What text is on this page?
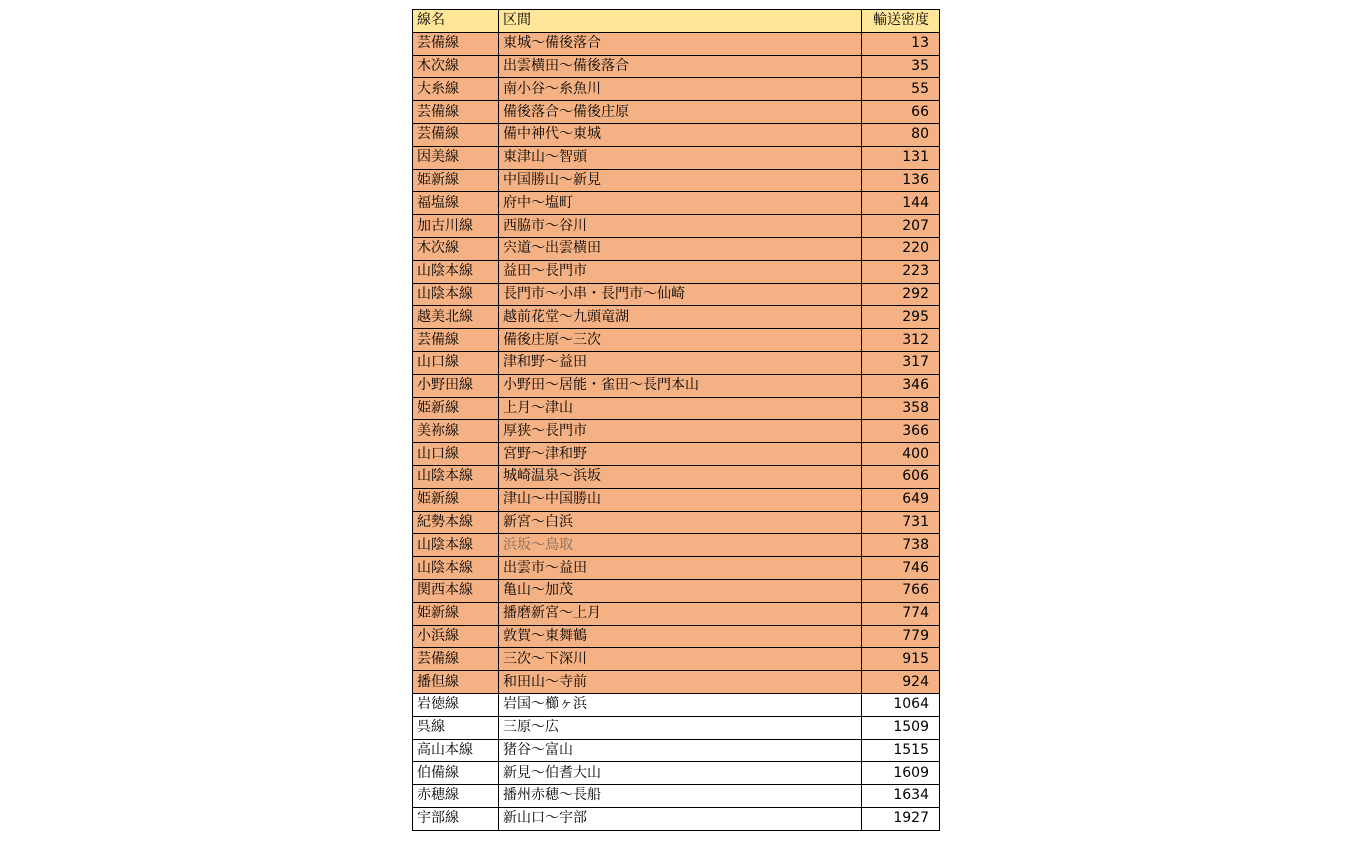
線名	区間	輸送密度
芸備線	東城～備後落合	13
木次線	出雲横田～備後落合	35
大糸線	南小谷～糸魚川	55
芸備線	備後落合～備後庄原	66
芸備線	備中神代～東城	80
因美線	東津山～智頭	131
姫新線	中国勝山～新見	136
福塩線	府中～塩町	144
加古川線	西脇市～谷川	207
木次線	宍道～出雲横田	220
山陰本線	益田～長門市	223
山陰本線	長門市～小串・長門市～仙崎	292
越美北線	越前花堂～九頭竜湖	295
芸備線	備後庄原～三次	312
山口線	津和野～益田	317
小野田線	小野田～居能・雀田～長門本山	346
姫新線	上月～津山	358
美祢線	厚狭～長門市	366
山口線	宮野～津和野	400
山陰本線	城崎温泉～浜坂	606
姫新線	津山～中国勝山	649
紀勢本線	新宮～白浜	731
山陰本線	浜坂～鳥取	738
山陰本線	出雲市～益田	746
関西本線	亀山～加茂	766
姫新線	播磨新宮～上月	774
小浜線	敦賀～東舞鶴	779
芸備線	三次～下深川	915
播但線	和田山～寺前	924
岩徳線	岩国～櫛ヶ浜	1064
呉線	三原～広	1509
高山本線	猪谷～富山	1515
伯備線	新見～伯耆大山	1609
赤穂線	播州赤穂～長船	1634
宇部線	新山口～宇部	1927
